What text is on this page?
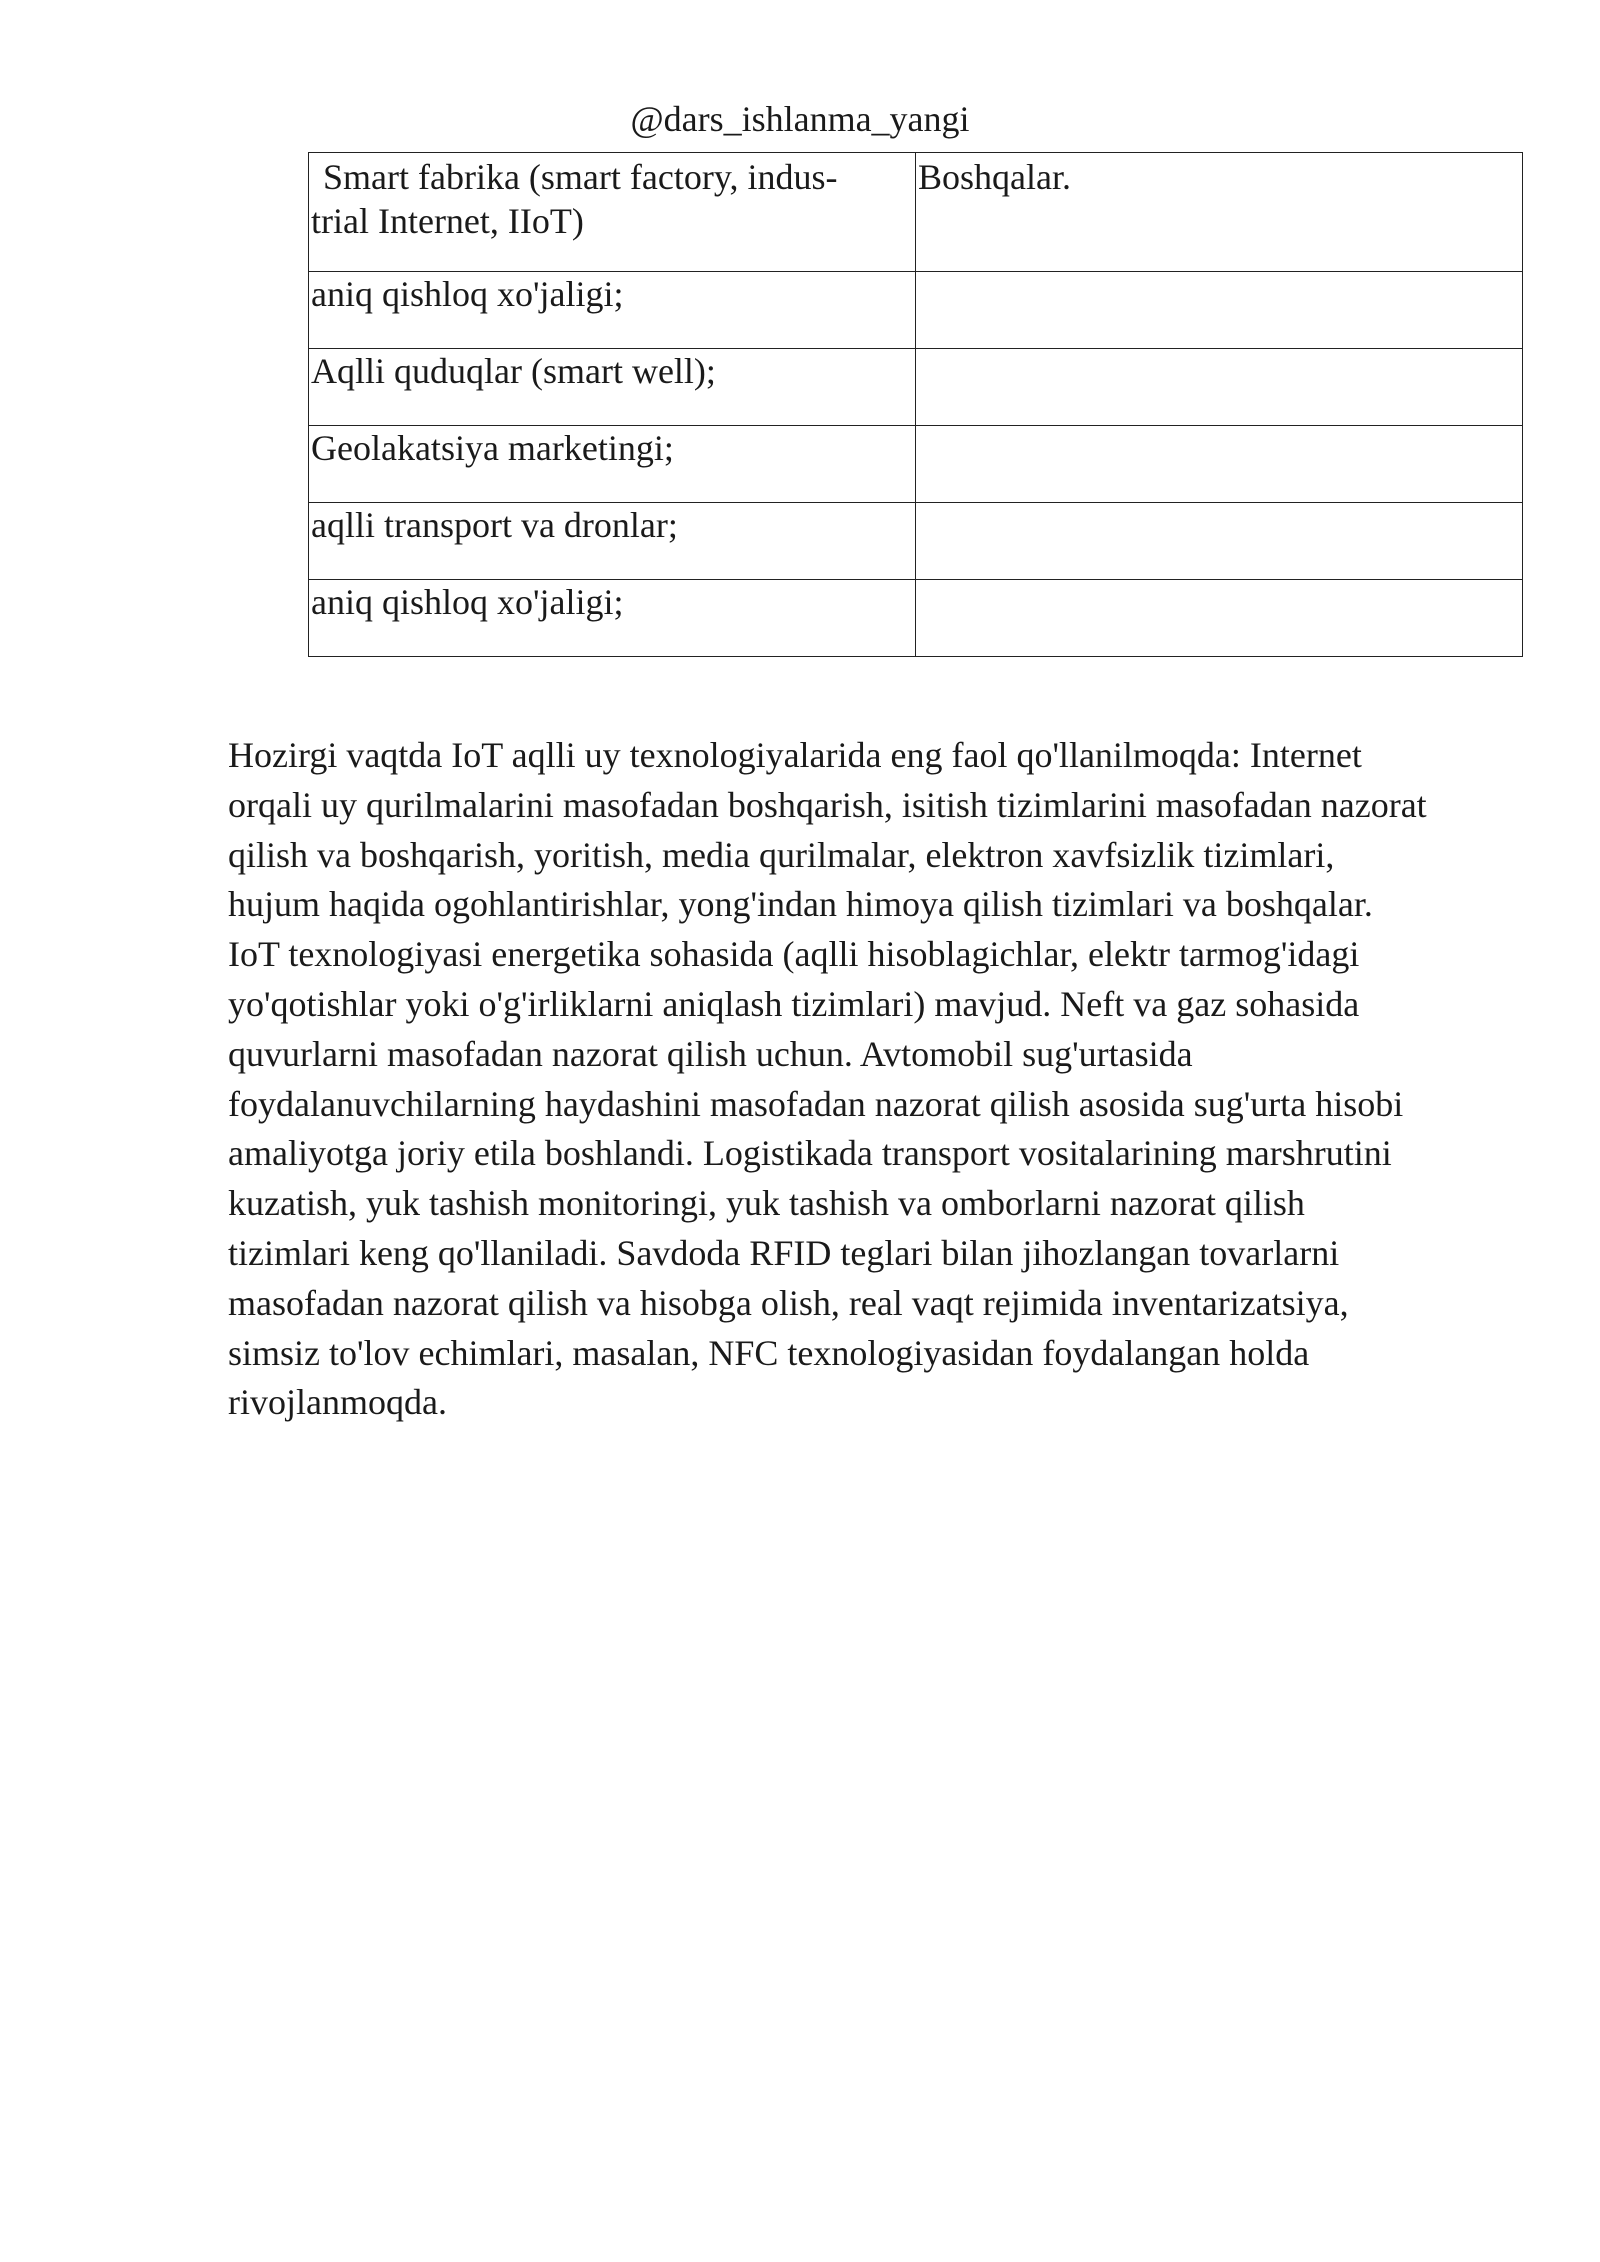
@dars_ishlanma_yangi
Smart fabrika (smart factory, indus-
trial Internet, IIoT)	Boshqalar.
aniq qishloq xo'jaligi;	
Aqlli quduqlar (smart well);	
Geolakatsiya marketingi;	
aqlli transport va dronlar;	
aniq qishloq xo'jaligi;	
Hozirgi vaqtda IoT aqlli uy texnologiyalarida eng faol qo'llanilmoqda: Internet
orqali uy qurilmalarini masofadan boshqarish, isitish tizimlarini masofadan nazorat
qilish va boshqarish, yoritish, media qurilmalar, elektron xavfsizlik tizimlari,
hujum haqida ogohlantirishlar, yong'indan himoya qilish tizimlari va boshqalar.
IoT texnologiyasi energetika sohasida (aqlli hisoblagichlar, elektr tarmog'idagi
yo'qotishlar yoki o'g'irliklarni aniqlash tizimlari) mavjud. Neft va gaz sohasida
quvurlarni masofadan nazorat qilish uchun. Avtomobil sug'urtasida
foydalanuvchilarning haydashini masofadan nazorat qilish asosida sug'urta hisobi
amaliyotga joriy etila boshlandi. Logistikada transport vositalarining marshrutini
kuzatish, yuk tashish monitoringi, yuk tashish va omborlarni nazorat qilish
tizimlari keng qo'llaniladi. Savdoda RFID teglari bilan jihozlangan tovarlarni
masofadan nazorat qilish va hisobga olish, real vaqt rejimida inventarizatsiya,
simsiz to'lov echimlari, masalan, NFC texnologiyasidan foydalangan holda
rivojlanmoqda.
